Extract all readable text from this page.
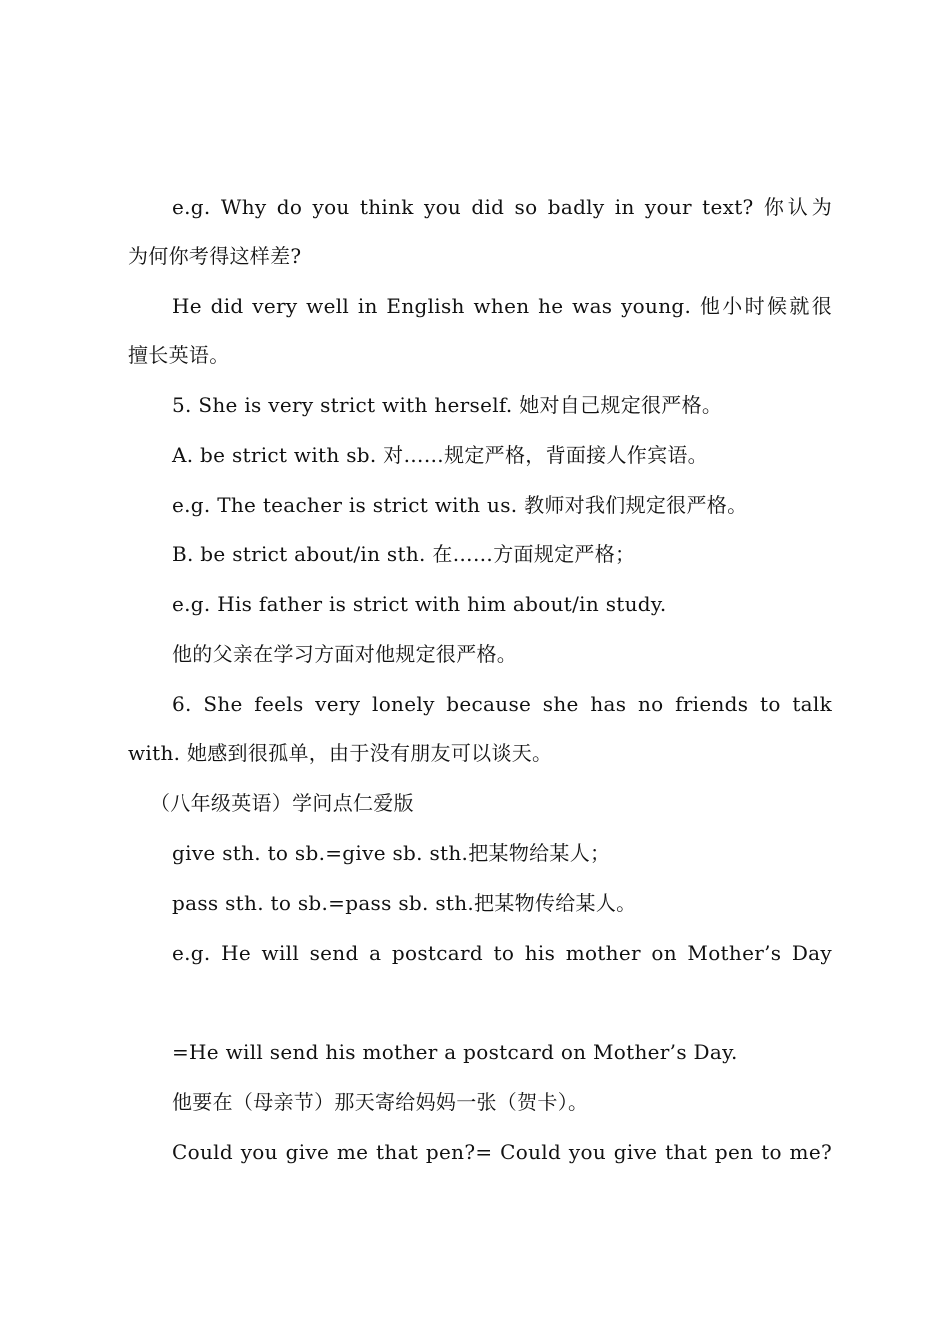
e.g. Why do you think you did so badly in your text? 你认为
为何你考得这样差?
He did very well in English when he was young. 他小时候就很
擅长英语。
5. She is very strict with herself. 她对自己规定很严格。
A. be strict with sb. 对……规定严格，背面接人作宾语。
e.g. The teacher is strict with us. 教师对我们规定很严格。
B. be strict about/in sth. 在……方面规定严格；
e.g. His father is strict with him about/in study.
他的父亲在学习方面对他规定很严格。
6. She feels very lonely because she has no friends to talk
with. 她感到很孤单，由于没有朋友可以谈天。
（八年级英语）学问点仁爱版
give sth. to sb.=give sb. sth.把某物给某人；
pass sth. to sb.=pass sb. sth.把某物传给某人。
e.g. He will send a postcard to his mother on Mother’s Day
=He will send his mother a postcard on Mother’s Day.
他要在（母亲节）那天寄给妈妈一张（贺卡）。
Could you give me that pen?= Could you give that pen to me?
